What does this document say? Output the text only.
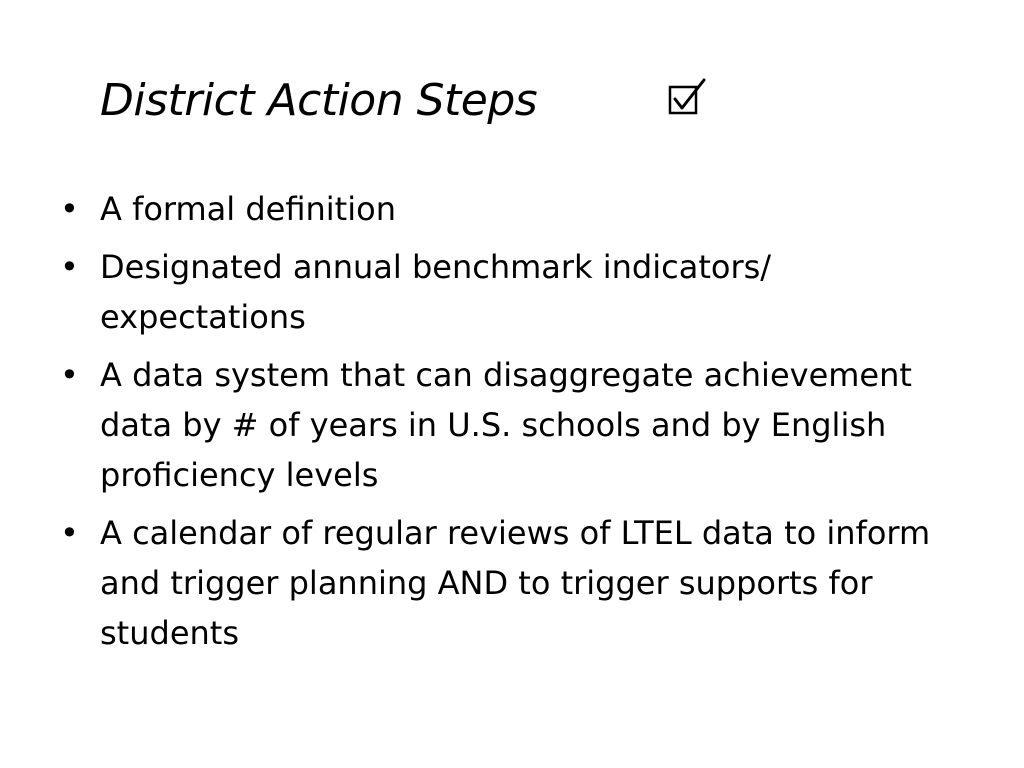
District Action Steps
• A formal definition
• Designated annual benchmark indicators/ expectations
• A data system that can disaggregate achievement data by # of years in U.S. schools and by English proficiency levels
• A calendar of regular reviews of LTEL data to inform and trigger planning AND to trigger supports for students
